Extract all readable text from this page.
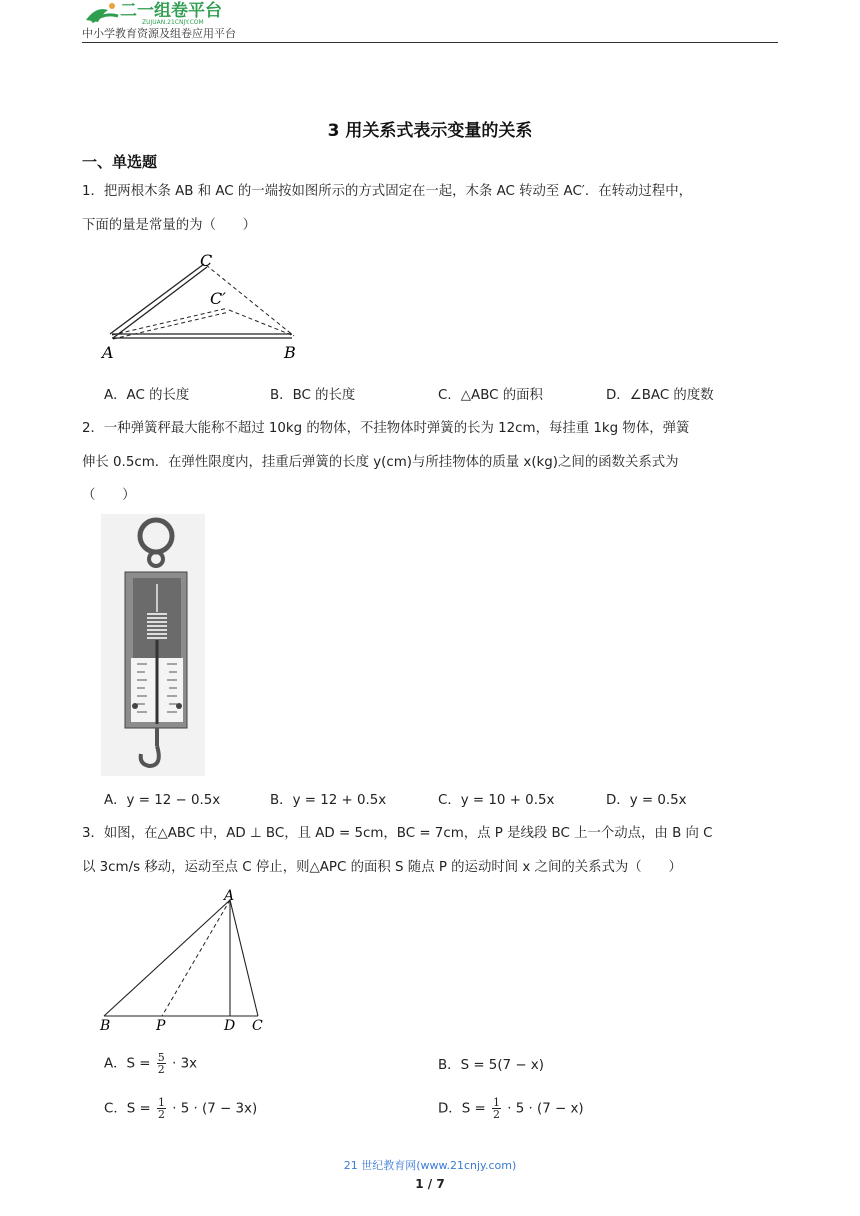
二一组卷平台
ZUJUAN.21CNJY.COM
中小学教育资源及组卷应用平台
3 用关系式表示变量的关系
一、单选题
1．把两根木条 AB 和 AC 的一端按如图所示的方式固定在一起，木条 AC 转动至 AC′．在转动过程中，
下面的量是常量的为（　　）
C
C′
A	B
A．AC 的长度	B．BC 的长度	C．△ABC 的面积	D．∠BAC 的度数
2．一种弹簧秤最大能称不超过 10kg 的物体，不挂物体时弹簧的长为 12cm，每挂重 1kg 物体，弹簧
伸长 0.5cm．在弹性限度内，挂重后弹簧的长度 y(cm)与所挂物体的质量 x(kg)之间的函数关系式为
（　　）
A．y = 12 − 0.5x	B．y = 12 + 0.5x	C．y = 10 + 0.5x	D．y = 0.5x
3．如图，在△ABC 中，AD ⊥ BC，且 AD = 5cm，BC = 7cm，点 P 是线段 BC 上一个动点，由 B 向 C
以 3cm/s 移动，运动至点 C 停止，则△APC 的面积 S 随点 P 的运动时间 x 之间的关系式为（　　）
A
B	P	D C
A．$S = \frac{5}{2} \cdot 3x$	B．S = 5(7 − x)
C．$S = \frac{1}{2} \cdot 5 \cdot (7 - 3x)$	D．$S = \frac{1}{2} \cdot 5 \cdot (7 - x)$
21 世纪教育网(www.21cnjy.com)
1 / 7
